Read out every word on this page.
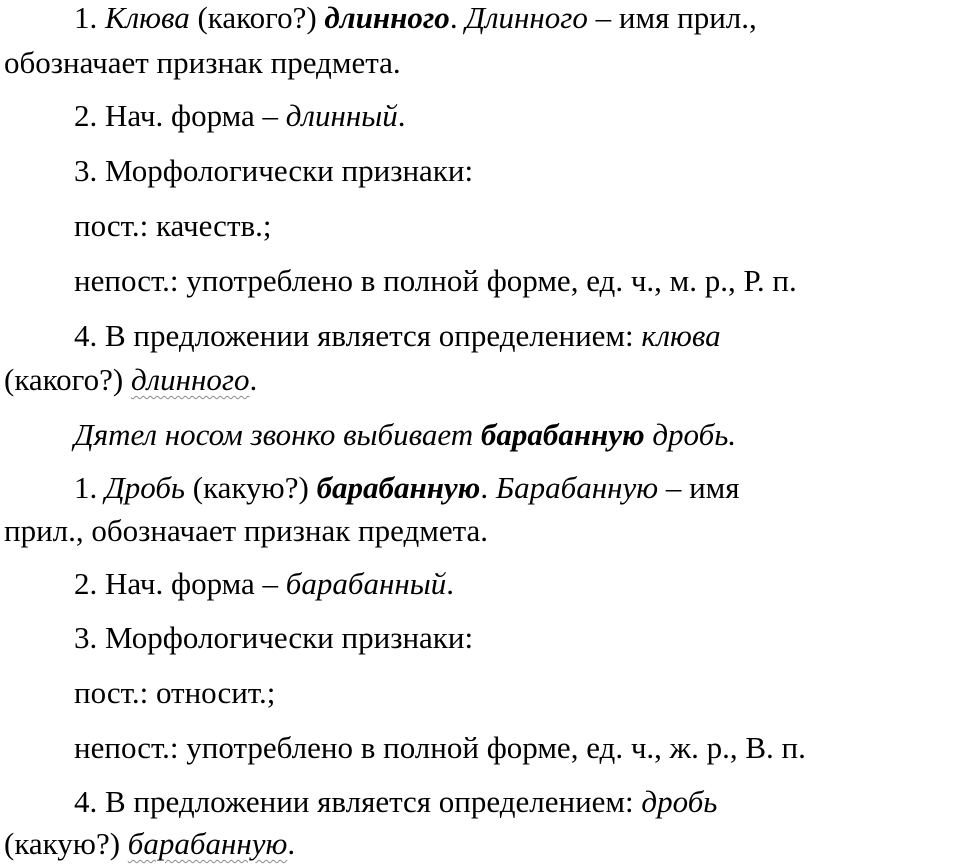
1. Клюва (какого?) длинного. Длинного – имя прил.,
обозначает признак предмета.
2. Нач. форма – длинный.
3. Морфологически признаки:
пост.: качеств.;
непост.: употреблено в полной форме, ед. ч., м. р., Р. п.
4. В предложении является определением: клюва
(какого?) длинного.
Дятел носом звонко выбивает барабанную дробь.
1. Дробь (какую?) барабанную. Барабанную – имя
прил., обозначает признак предмета.
2. Нач. форма – барабанный.
3. Морфологически признаки:
пост.: относит.;
непост.: употреблено в полной форме, ед. ч., ж. р., В. п.
4. В предложении является определением: дробь
(какую?) барабанную.
